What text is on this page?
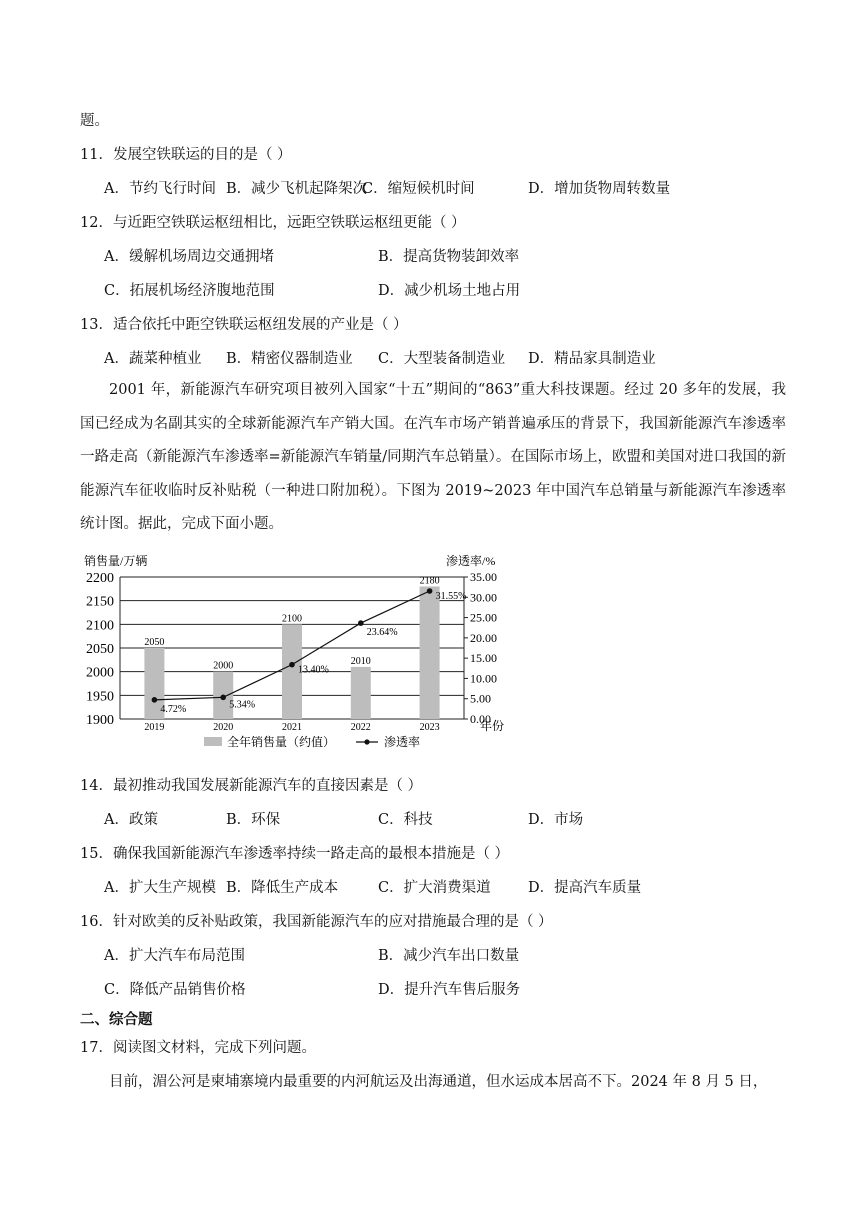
题。
11．发展空铁联运的目的是（ ）
A．节约飞行时间 B．减少飞机起降架次
C．缩短候机时间	D．增加货物周转数量
12．与近距空铁联运枢纽相比，远距空铁联运枢纽更能（ ）
A．缓解机场周边交通拥堵	B．提高货物装卸效率
C．拓展机场经济腹地范围	D．减少机场土地占用
13．适合依托中距空铁联运枢纽发展的产业是（ ）
A．蔬菜种植业 B．精密仪器制造业 C．大型装备制造业 D．精品家具制造业
2001 年，新能源汽车研究项目被列入国家“十五”期间的“863”重大科技课题。经过 20 多年的发展，我国已经成为名副其实的全球新能源汽车产销大国。在汽车市场产销普遍承压的背景下，我国新能源汽车渗透率一路走高（新能源汽车渗透率=新能源汽车销量/同期汽车总销量）。在国际市场上，欧盟和美国对进口我国的新能源汽车征收临时反补贴税（一种进口附加税）。下图为 2019~2023 年中国汽车总销量与新能源汽车渗透率统计图。据此，完成下面小题。
2200
2150
2100
2050
2000
1950
1900
35.00
30.00
25.00
20.00
15.00
10.00
5.00
0.00
销售量/万辆	渗透率/%
2050
2000
2100
2010
2180
4.72%	5.34%
13.40%
23.64%
31.55%
2019	2020	2021	2022	2023	年份
全年销售量（约值）	渗透率
14．最初推动我国发展新能源汽车的直接因素是（ ）
A．政策	B．环保	C．科技	D．市场
15．确保我国新能源汽车渗透率持续一路走高的最根本措施是（ ）
A．扩大生产规模 B．降低生产成本	C．扩大消费渠道	D．提高汽车质量
16．针对欧美的反补贴政策，我国新能源汽车的应对措施最合理的是（ ）
A．扩大汽车布局范围	B．减少汽车出口数量
C．降低产品销售价格	D．提升汽车售后服务
二、综合题
17．阅读图文材料，完成下列问题。
目前，湄公河是柬埔寨境内最重要的内河航运及出海通道，但水运成本居高不下。2024 年 8 月 5 日，
